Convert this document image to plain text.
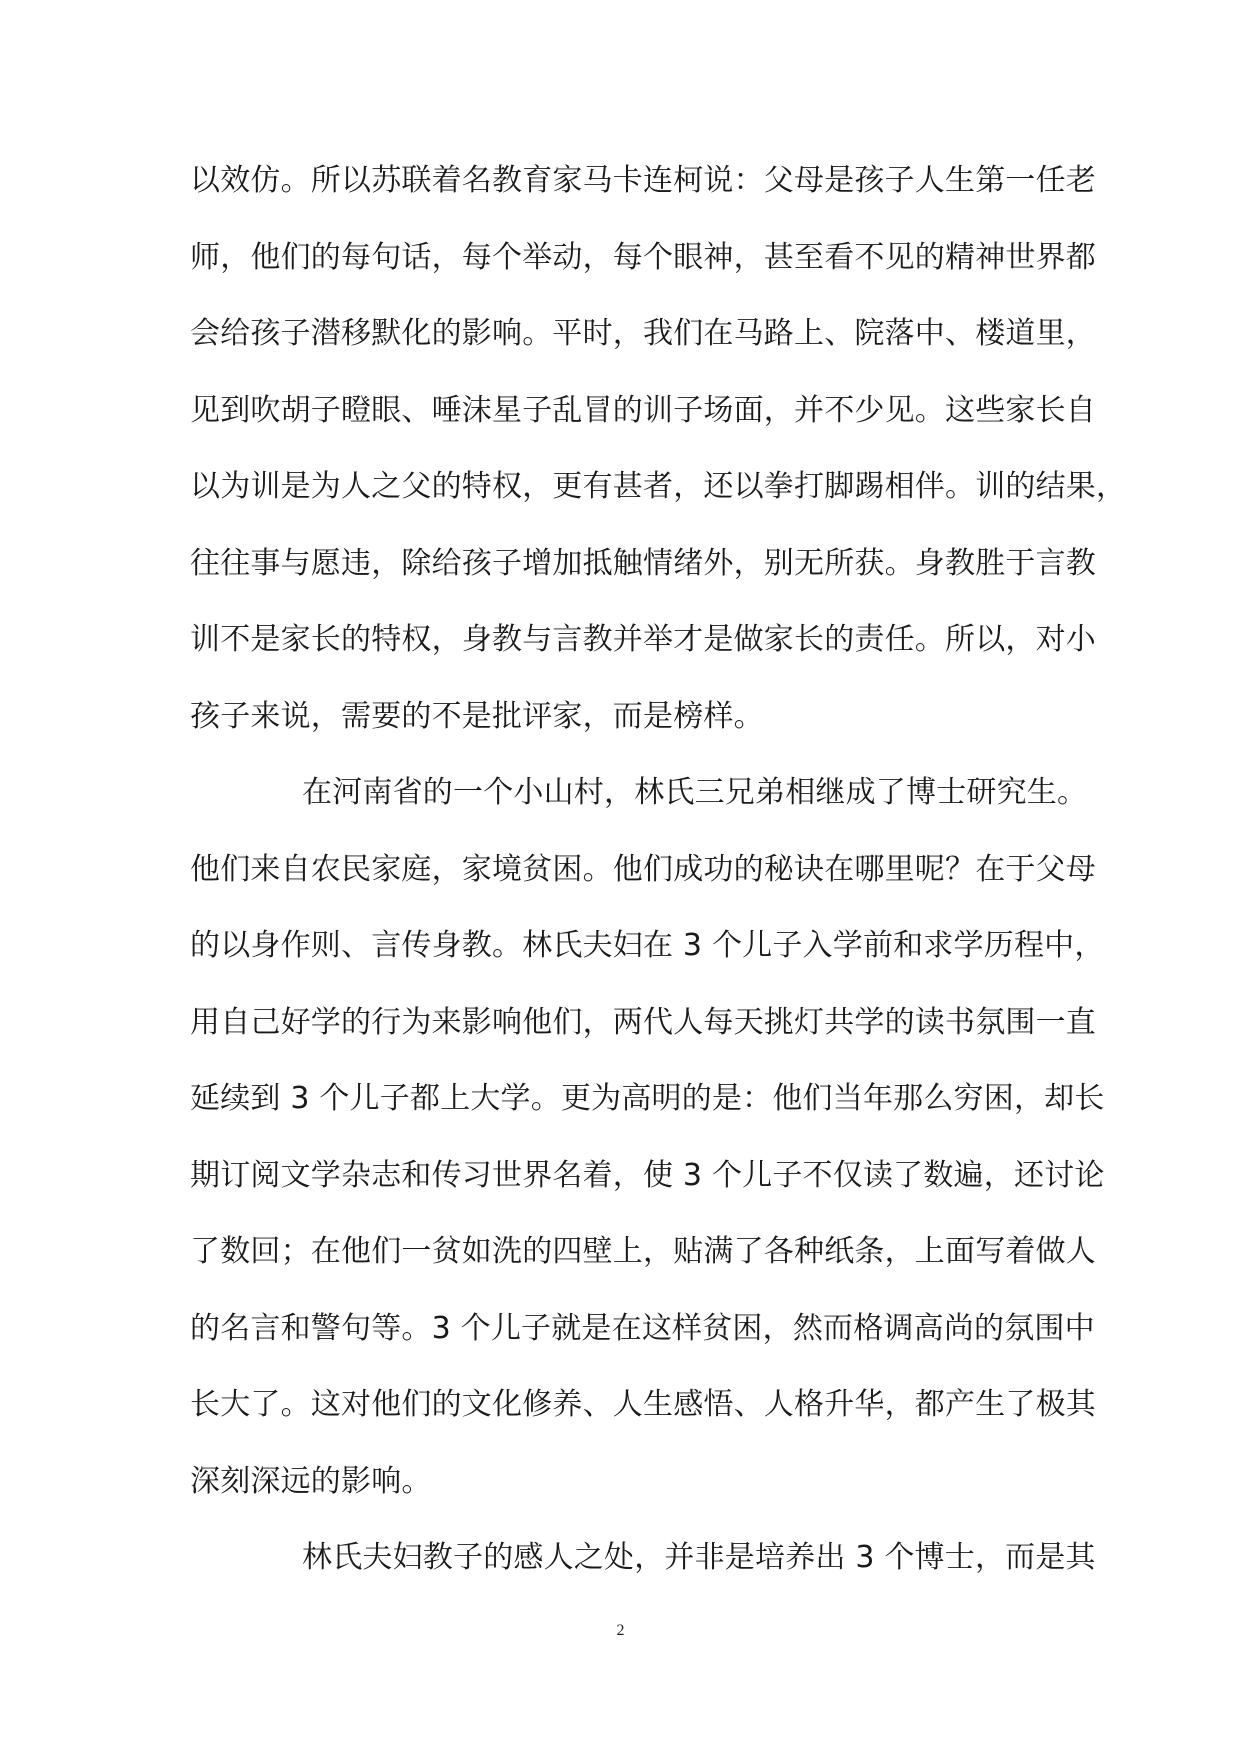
以效仿。所以苏联着名教育家马卡连柯说：父母是孩子人生第一任老
师，他们的每句话，每个举动，每个眼神，甚至看不见的精神世界都
会给孩子潜移默化的影响。平时，我们在马路上、院落中、楼道里，
见到吹胡子瞪眼、唾沫星子乱冒的训子场面，并不少见。这些家长自
以为训是为人之父的特权，更有甚者，还以拳打脚踢相伴。训的结果，
往往事与愿违，除给孩子增加抵触情绪外，别无所获。身教胜于言教
训不是家长的特权，身教与言教并举才是做家长的责任。所以，对小
孩子来说，需要的不是批评家，而是榜样。
在河南省的一个小山村，林氏三兄弟相继成了博士研究生。
他们来自农民家庭，家境贫困。他们成功的秘诀在哪里呢？在于父母
的以身作则、言传身教。林氏夫妇在 3 个儿子入学前和求学历程中，
用自己好学的行为来影响他们，两代人每天挑灯共学的读书氛围一直
延续到 3 个儿子都上大学。更为高明的是：他们当年那么穷困，却长
期订阅文学杂志和传习世界名着，使 3 个儿子不仅读了数遍，还讨论
了数回；在他们一贫如洗的四壁上，贴满了各种纸条，上面写着做人
的名言和警句等。3 个儿子就是在这样贫困，然而格调高尚的氛围中
长大了。这对他们的文化修养、人生感悟、人格升华，都产生了极其
深刻深远的影响。
林氏夫妇教子的感人之处，并非是培养出 3 个博士，而是其
2
